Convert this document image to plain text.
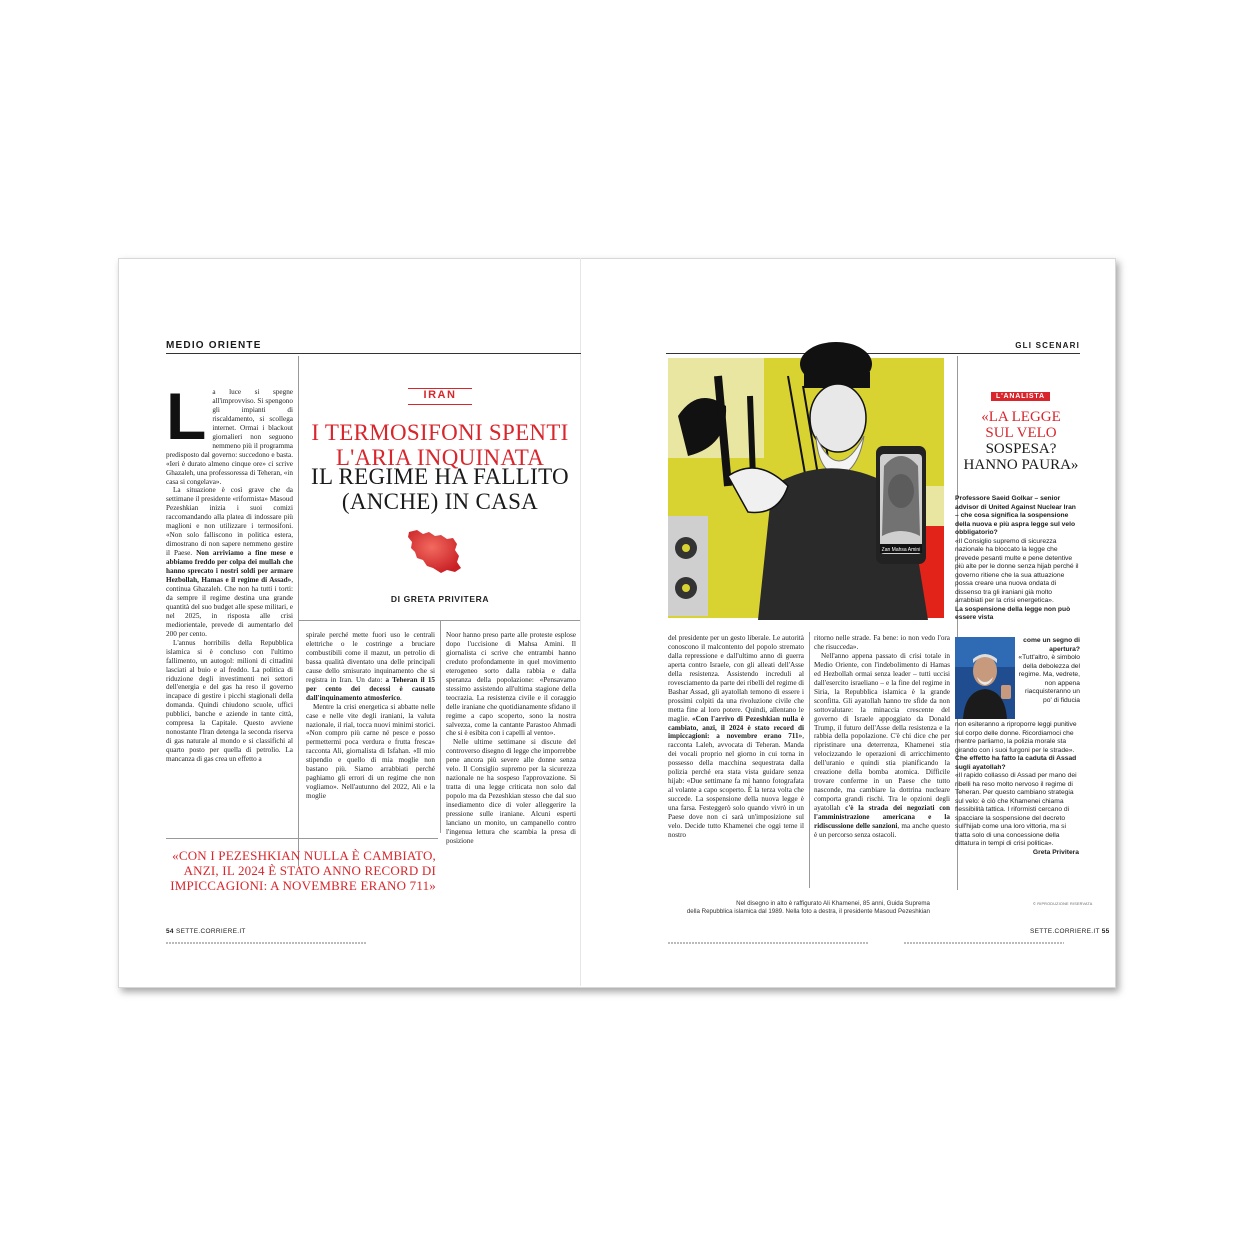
MEDIO ORIENTE	GLI SCENARI
L a luce si spegne all'improvviso. Si spengono gli impianti di riscaldamento, si scollega internet. Ormai i blackout giornalieri non seguono nemmeno più il programma predisposto dal governo: succedono e basta. «Ieri è durato almeno cinque ore» ci scrive Ghazaleh, una professoressa di Teheran, «in casa si congelava».

La situazione è così grave che da settimane il presidente «riformista» Masoud Pezeshkian inizia i suoi comizi raccomandando alla platea di indossare più maglioni e non utilizzare i termosifoni. «Non solo falliscono in politica estera, dimostrano di non sapere nemmeno gestire il Paese. Non arriviamo a fine mese e abbiamo freddo per colpa dei mullah che hanno sprecato i nostri soldi per armare Hezbollah, Hamas e il regime di Assad», continua Ghazaleh. Che non ha tutti i torti: da sempre il regime destina una grande quantità del suo budget alle spese militari, e nel 2025, in risposta alle crisi mediorientale, prevede di aumentarlo del 200 per cento.

L'annus horribilis della Repubblica islamica si è concluso con l'ultimo fallimento, un autogol: milioni di cittadini lasciati al buio e al freddo. La politica di riduzione degli investimenti nei settori dell'energia e del gas ha reso il governo incapace di gestire i picchi stagionali della domanda. Quindi chiudono scuole, uffici pubblici, banche e aziende in tante città, compresa la Capitale. Questo avviene nonostante l'Iran detenga la seconda riserva di gas naturale al mondo e si classifichi al quarto posto per quella di petrolio. La mancanza di gas crea un effetto a

IRAN
I TERMOSIFONI SPENTI
L'ARIA INQUINATA
IL REGIME HA FALLITO
(ANCHE) IN CASA
DI GRETA PRIVITERA

spirale perché mette fuori uso le centrali elettriche o le costringe a bruciare combustibili come il mazut, un petrolio di bassa qualità diventato una delle principali cause dello smisurato inquinamento che si registra in Iran. Un dato: a Teheran il 15 per cento dei decessi è causato dall'inquinamento atmosferico.

Mentre la crisi energetica si abbatte nelle case e nelle vite degli iraniani, la valuta nazionale, il rial, tocca nuovi minimi storici. «Non compro più carne né pesce e posso permettermi poca verdura e frutta fresca» racconta Ali, giornalista di Isfahan. «Il mio stipendio e quello di mia moglie non bastano più. Siamo arrabbiati perché paghiamo gli errori di un regime che non vogliamo». Nell'autunno del 2022, Ali e la moglie

Noor hanno preso parte alle proteste esplose dopo l'uccisione di Mahsa Amini. Il giornalista ci scrive che entrambi hanno creduto profondamente in quel movimento eterogeneo sorto dalla rabbia e dalla speranza della popolazione: «Pensavamo stessimo assistendo all'ultima stagione della teocrazia. La resistenza civile e il coraggio delle iraniane che quotidianamente sfidano il regime a capo scoperto, sono la nostra salvezza, come la cantante Parastoo Ahmadi che si è esibita con i capelli al vento».

Nelle ultime settimane si discute del controverso disegno di legge che imporrebbe pene ancora più severe alle donne senza velo. Il Consiglio supremo per la sicurezza nazionale ne ha sospeso l'approvazione. Si tratta di una legge criticata non solo dal popolo ma da Pezeshkian stesso che dal suo insediamento dice di voler alleggerire la pressione sulle iraniane. Alcuni esperti lanciano un monito, un campanello contro l'ingenua lettura che scambia la presa di posizione

«CON I PEZESHKIAN NULLA È CAMBIATO, ANZI, IL 2024 È STATO ANNO RECORD DI IMPICCAGIONI: A NOVEMBRE ERANO 711»
Zan Mahsa Amini

del presidente per un gesto liberale. Le autorità conoscono il malcontento del popolo stremato dalla repressione e dall'ultimo anno di guerra aperta contro Israele, con gli alleati dell'Asse della resistenza. Assistendo increduli al rovesciamento da parte dei ribelli del regime di Bashar Assad, gli ayatollah temono di essere i prossimi colpiti da una rivoluzione civile che metta fine al loro potere. Quindi, allentano le maglie. «Con l'arrivo di Pezeshkian nulla è cambiato, anzi, il 2024 è stato record di impiccagioni: a novembre erano 711», racconta Laleh, avvocata di Teheran. Manda dei vocali proprio nel giorno in cui torna in possesso della macchina sequestrata dalla polizia perché era stata vista guidare senza hijab: «Due settimane fa mi hanno fotografata al volante a capo scoperto. È la terza volta che succede. La sospensione della nuova legge è una farsa. Festeggerò solo quando vivrò in un Paese dove non ci sarà un'imposizione sul velo. Decide tutto Khamenei che oggi teme il nostro

ritorno nelle strade. Fa bene: io non vedo l'ora che risucceda».

Nell'anno appena passato di crisi totale in Medio Oriente, con l'indebolimento di Hamas ed Hezbollah ormai senza leader – tutti uccisi dall'esercito israeliano – e la fine del regime in Siria, la Repubblica islamica è la grande sconfitta. Gli ayatollah hanno tre sfide da non sottovalutare: la minaccia crescente del governo di Israele appoggiato da Donald Trump, il futuro dell'Asse della resistenza e la rabbia della popolazione. C'è chi dice che per ripristinare una deterrenza, Khamenei stia velocizzando le operazioni di arricchimento dell'uranio e quindi stia pianificando la creazione della bomba atomica. Difficile trovare conferme in un Paese che tutto nasconde, ma cambiare la dottrina nucleare comporta grandi rischi. Tra le opzioni degli ayatollah c'è la strada dei negoziati con l'amministrazione americana e la ridiscussione delle sanzioni, ma anche questo è un percorso senza ostacoli.

L'ANALISTA
«LA LEGGE
SUL VELO
SOSPESA?
HANNO PAURA»

Professore Saeid Golkar – senior advisor di United Against Nuclear Iran – che cosa significa la sospensione della nuova e più aspra legge sul velo obbligatorio?

«Il Consiglio supremo di sicurezza nazionale ha bloccato la legge che prevede pesanti multe e pene detentive più alte per le donne senza hijab perché il governo ritiene che la sua attuazione possa creare una nuova ondata di dissenso tra gli iraniani già molto arrabbiati per la crisi energetica».

La sospensione della legge non può essere vista

come un segno di apertura?

«Tutt'altro, è simbolo della debolezza del regime. Ma, vedrete, non appena riacquisteranno un po' di fiducia

non esiteranno a riproporre leggi punitive sul corpo delle donne. Ricordiamoci che mentre parliamo, la polizia morale sta girando con i suoi furgoni per le strade».

Che effetto ha fatto la caduta di Assad sugli ayatollah?

«Il rapido collasso di Assad per mano dei ribelli ha reso molto nervoso il regime di Teheran. Per questo cambiano strategia sul velo: è ciò che Khamenei chiama flessibilità tattica. I riformisti cercano di spacciare la sospensione del decreto sull'hijab come una loro vittoria, ma si tratta solo di una concessione della dittatura in tempi di crisi politica».

Greta Privitera

Nel disegno in alto è raffigurato Ali Khamenei, 85 anni, Guida Suprema
della Repubblica islamica dal 1989. Nella foto a destra, il presidente Masoud Pezeshkian
© RIPRODUZIONE RISERVATA
54 SETTE.CORRIERE.IT	SETTE.CORRIERE.IT 55
